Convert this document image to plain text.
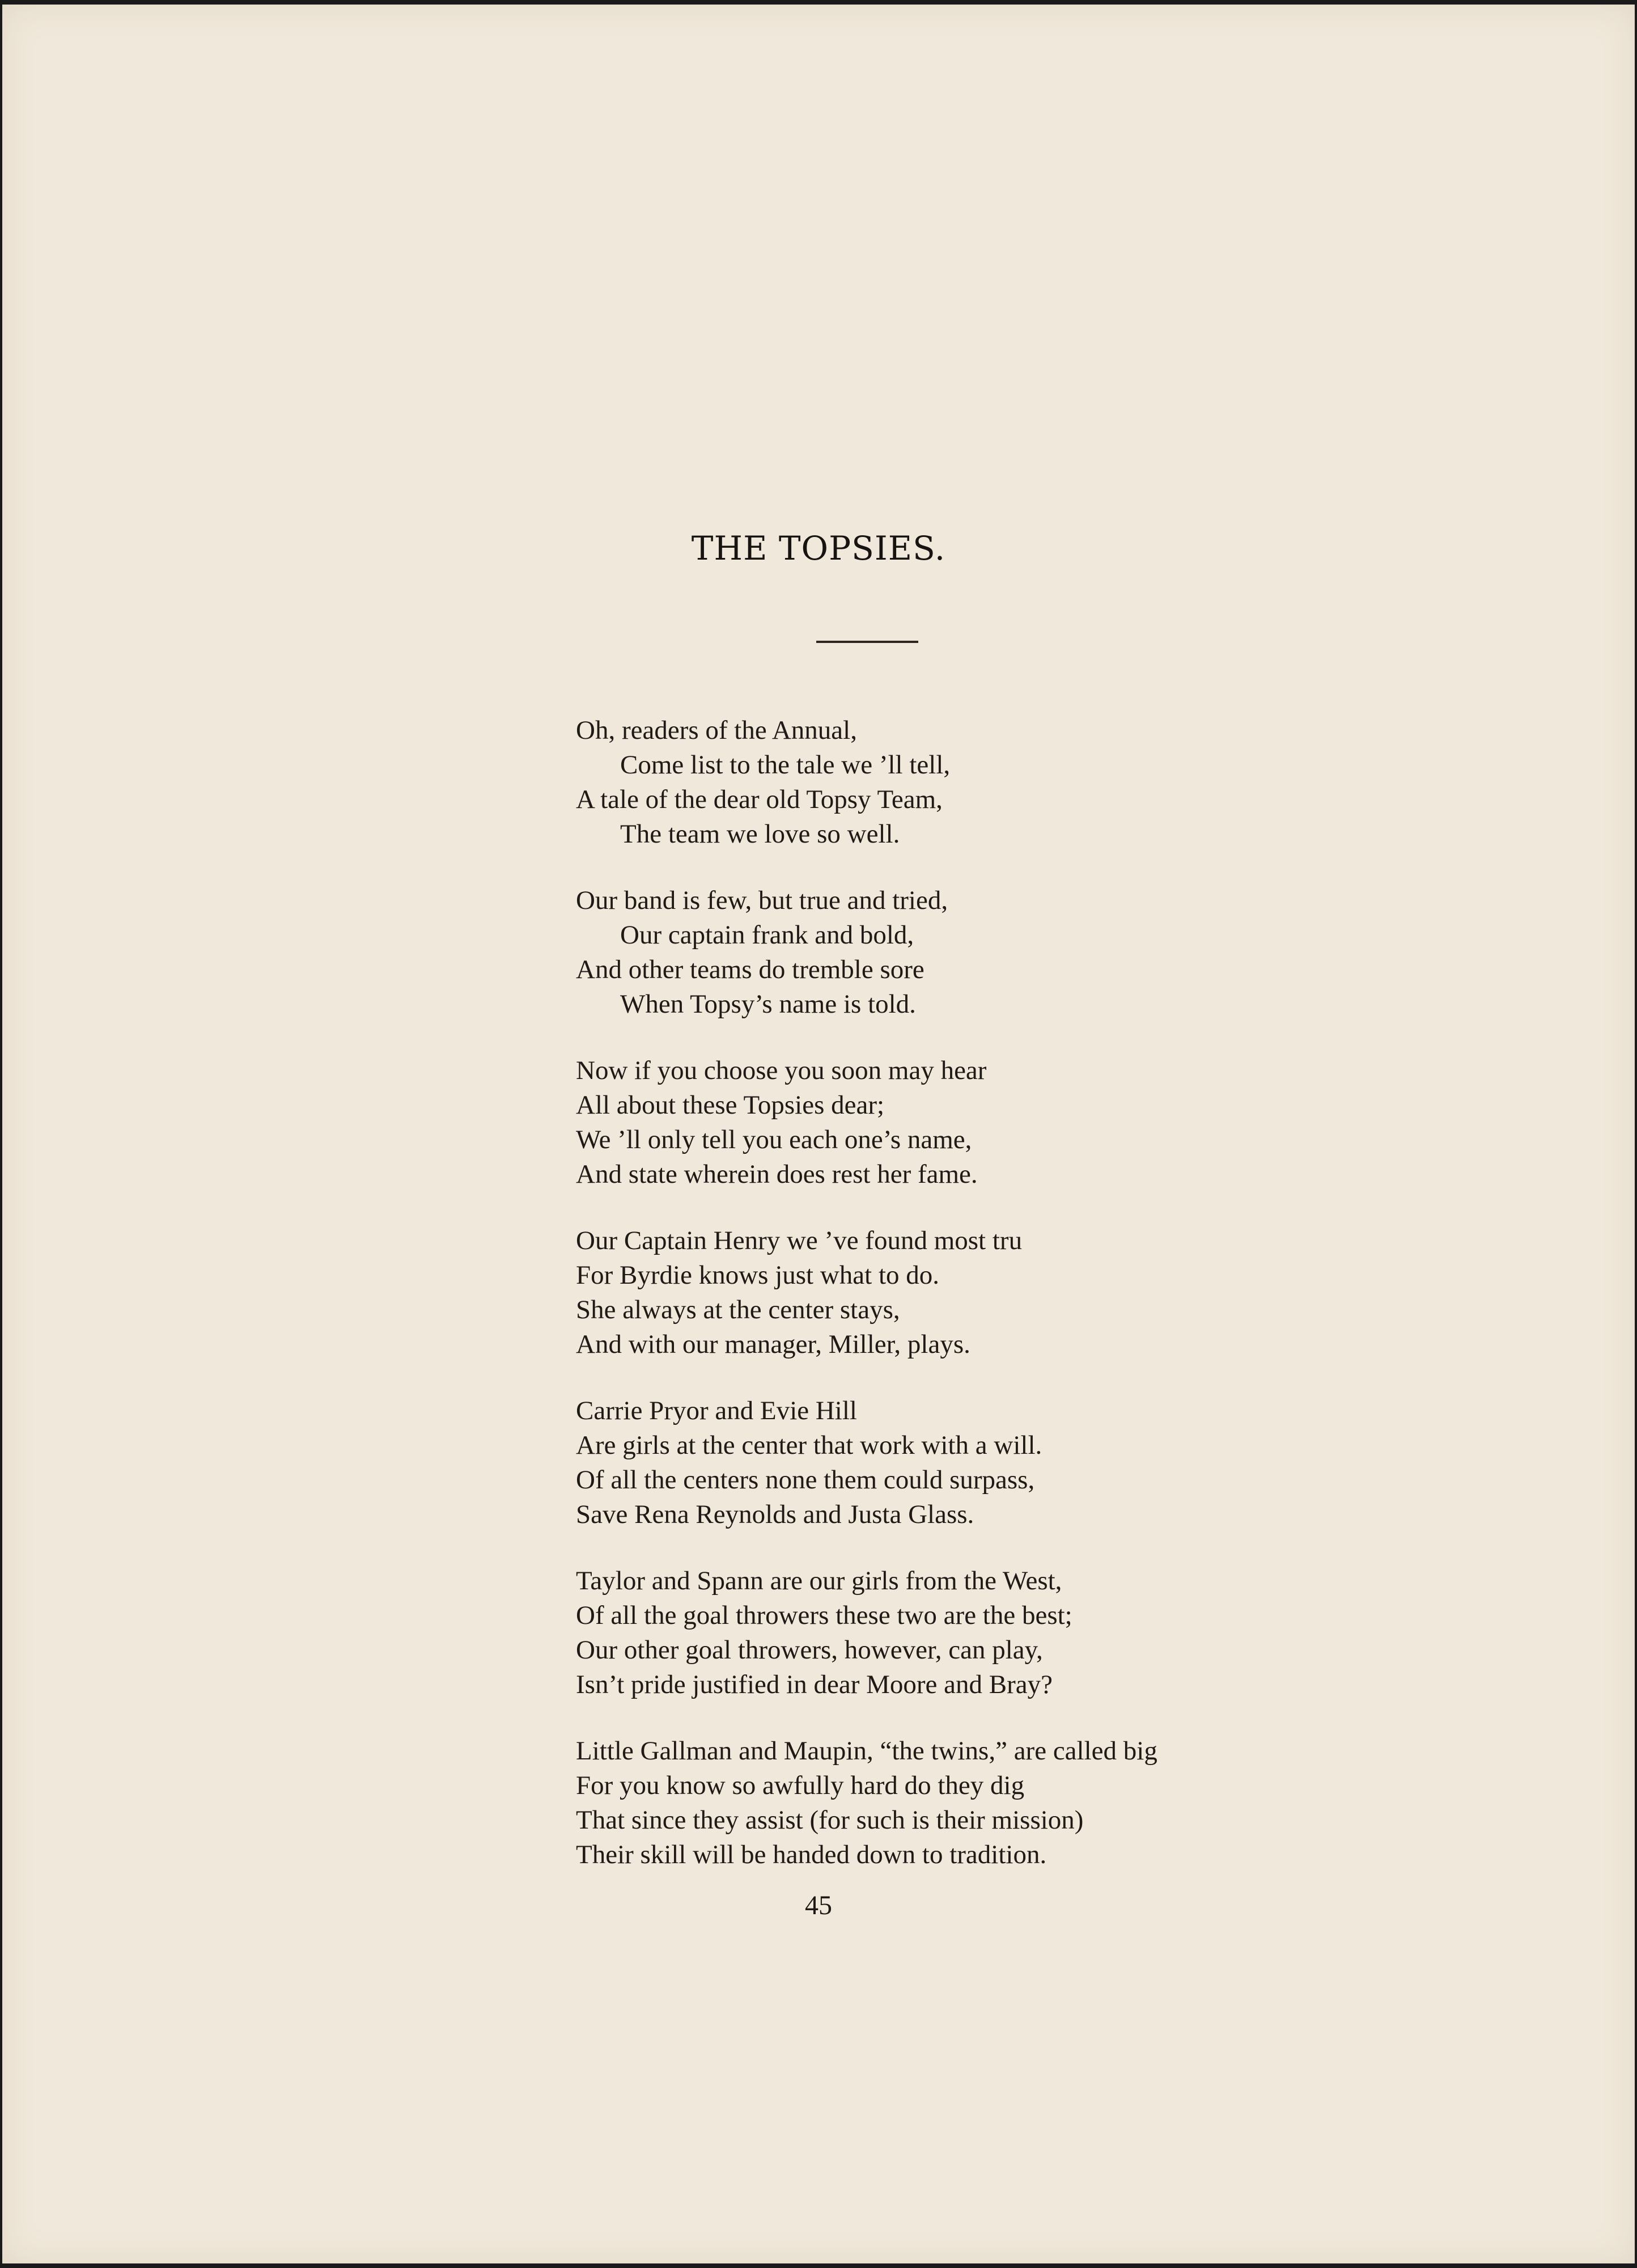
THE TOPSIES.
Oh, readers of the Annual,
Come list to the tale we ’ll tell,
A tale of the dear old Topsy Team,
The team we love so well.
Our band is few, but true and tried,
Our captain frank and bold,
And other teams do tremble sore
When Topsy’s name is told.
Now if you choose you soon may hear
All about these Topsies dear;
We ’ll only tell you each one’s name,
And state wherein does rest her fame.
Our Captain Henry we ’ve found most tru
For Byrdie knows just what to do.
She always at the center stays,
And with our manager, Miller, plays.
Carrie Pryor and Evie Hill
Are girls at the center that work with a will.
Of all the centers none them could surpass,
Save Rena Reynolds and Justa Glass.
Taylor and Spann are our girls from the West,
Of all the goal throwers these two are the best;
Our other goal throwers, however, can play,
Isn’t pride justified in dear Moore and Bray?
Little Gallman and Maupin, “the twins,” are called big
For you know so awfully hard do they dig
That since they assist (for such is their mission)
Their skill will be handed down to tradition.
45
